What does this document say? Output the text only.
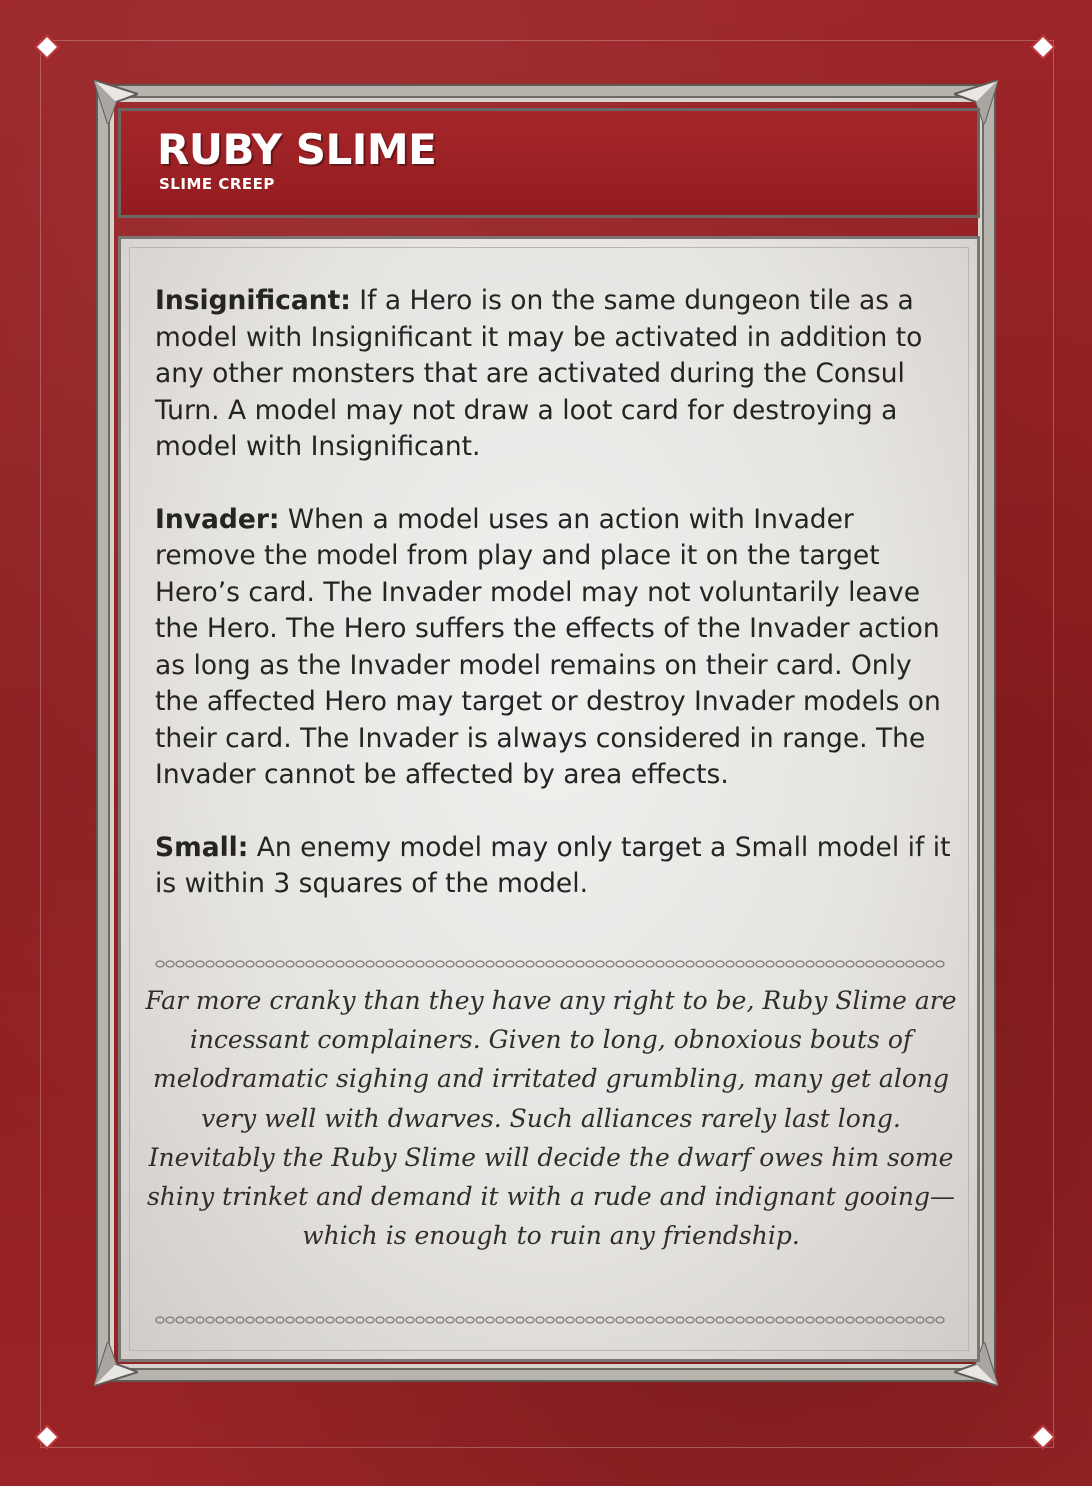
RUBY SLIME
SLIME CREEP

Insignificant: If a Hero is on the same dungeon tile as a model with Insignificant it may be activated in addition to any other monsters that are activated during the Consul Turn. A model may not draw a loot card for destroying a model with Insignificant.

Invader: When a model uses an action with Invader remove the model from play and place it on the target Hero’s card. The Invader model may not voluntarily leave the Hero. The Hero suffers the effects of the Invader action as long as the Invader model remains on their card. Only the affected Hero may target or destroy Invader models on their card. The Invader is always considered in range. The Invader cannot be affected by area effects.

Small: An enemy model may only target a Small model if it is within 3 squares of the model.

Far more cranky than they have any right to be, Ruby Slime are incessant complainers. Given to long, obnoxious bouts of melodramatic sighing and irritated grumbling, many get along very well with dwarves. Such alliances rarely last long. Inevitably the Ruby Slime will decide the dwarf owes him some shiny trinket and demand it with a rude and indignant gooing—which is enough to ruin any friendship.
